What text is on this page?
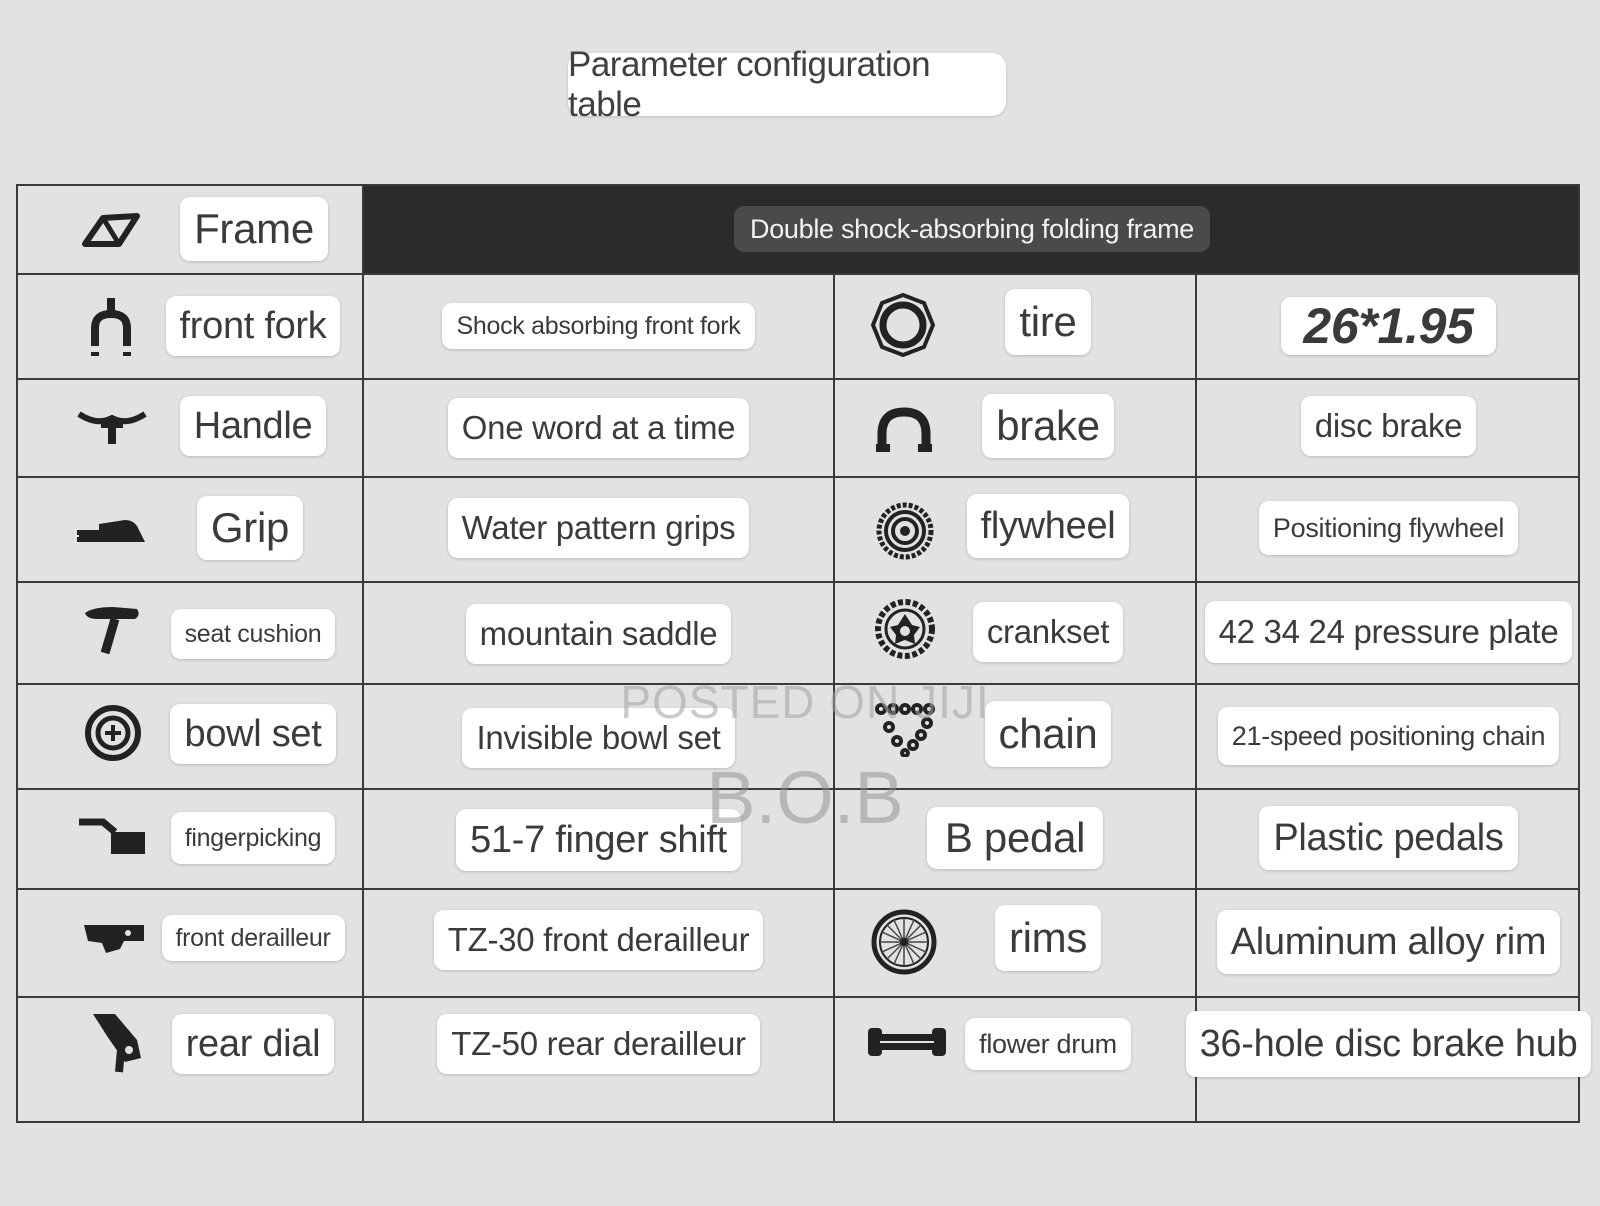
Parameter configuration table
Frame	Double shock-absorbing folding frame
front fork	Shock absorbing front fork	tire	26*1.95
Handle	One word at a time	brake	disc brake
Grip	Water pattern grips	flywheel	Positioning flywheel
seat cushion	mountain saddle	crankset	42 34 24 pressure plate
bowl set	Invisible bowl set	chain	21-speed positioning chain
fingerpicking	51-7 finger shift	B pedal	Plastic pedals
front derailleur	TZ-30 front derailleur	rims	Aluminum alloy rim
rear dial	TZ-50 rear derailleur	flower drum	36-hole disc brake hub
POSTED ON JIJI
B.O.B
